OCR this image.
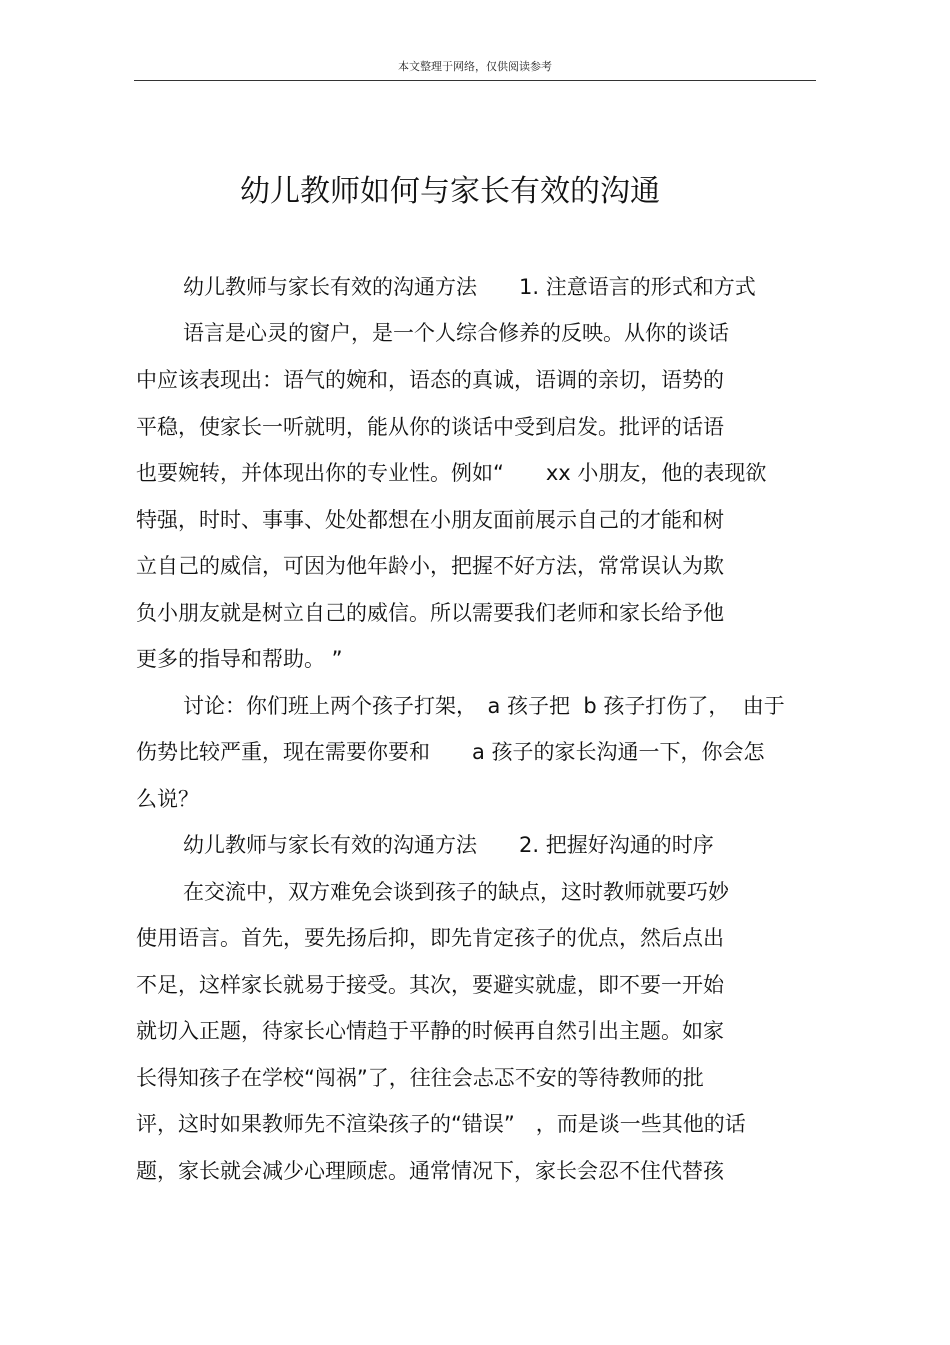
本文整理于网络，仅供阅读参考
幼儿教师如何与家长有效的沟通
幼儿教师与家长有效的沟通方法　　1. 注意语言的形式和方式
语言是心灵的窗户，是一个人综合修养的反映。从你的谈话
中应该表现出：语气的婉和，语态的真诚，语调的亲切，语势的
平稳，使家长一听就明，能从你的谈话中受到启发。批评的话语
也要婉转，并体现出你的专业性。例如“　　xx 小朋友，他的表现欲
特强，时时、事事、处处都想在小朋友面前展示自己的才能和树
立自己的威信，可因为他年龄小，把握不好方法，常常误认为欺
负小朋友就是树立自己的威信。所以需要我们老师和家长给予他
更多的指导和帮助。 ”
讨论：你们班上两个孩子打架，　a 孩子把  b 孩子打伤了，  由于
伤势比较严重，现在需要你要和　　a 孩子的家长沟通一下，你会怎
么说？
幼儿教师与家长有效的沟通方法　　2. 把握好沟通的时序
在交流中，双方难免会谈到孩子的缺点，这时教师就要巧妙
使用语言。首先，要先扬后抑，即先肯定孩子的优点，然后点出
不足，这样家长就易于接受。其次，要避实就虚，即不要一开始
就切入正题，待家长心情趋于平静的时候再自然引出主题。如家
长得知孩子在学校“闯祸”了，往往会忐忑不安的等待教师的批
评，这时如果教师先不渲染孩子的“错误”　，而是谈一些其他的话
题，家长就会减少心理顾虑。通常情况下，家长会忍不住代替孩
